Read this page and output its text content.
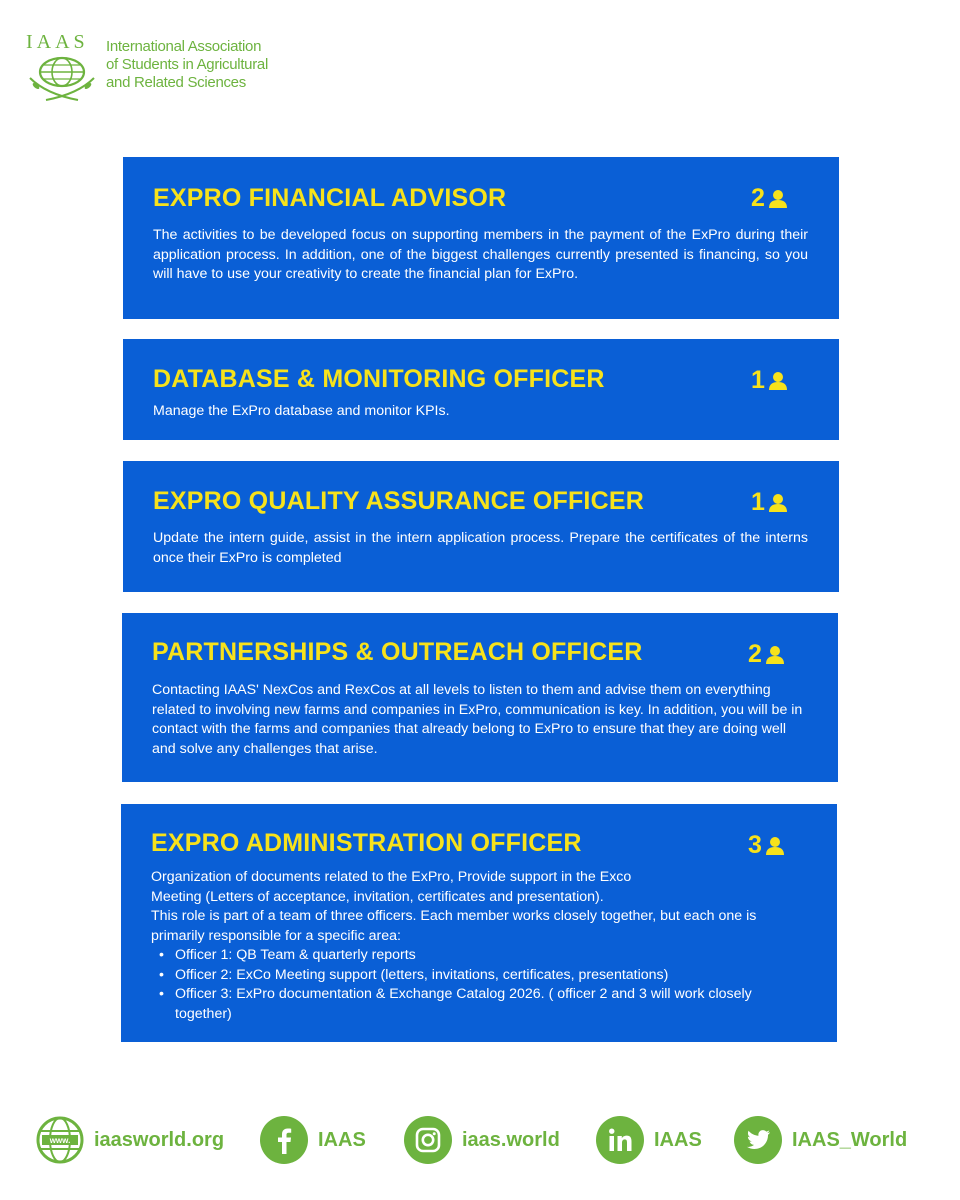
IAAS International Association
of Students in Agricultural
and Related Sciences
EXPRO FINANCIAL ADVISOR	2
The activities to be developed focus on supporting members in the payment of the ExPro during their application process. In addition, one of the biggest challenges currently presented is financing, so you will have to use your creativity to create the financial plan for ExPro.
DATABASE & MONITORING OFFICER	1
Manage the ExPro database and monitor KPIs.
EXPRO QUALITY ASSURANCE OFFICER	1
Update the intern guide, assist in the intern application process. Prepare the certificates of the interns once their ExPro is completed
PARTNERSHIPS & OUTREACH OFFICER	2
Contacting IAAS' NexCos and RexCos at all levels to listen to them and advise them on everything related to involving new farms and companies in ExPro, communication is key. In addition, you will be in contact with the farms and companies that already belong to ExPro to ensure that they are doing well and solve any challenges that arise.
EXPRO ADMINISTRATION OFFICER	3

Organization of documents related to the ExPro, Provide support in the Exco

Meeting (Letters of acceptance, invitation, certificates and presentation).

This role is part of a team of three officers. Each member works closely together, but each one is primarily responsible for a specific area:

• Officer 1: QB Team & quarterly reports
• Officer 2: ExCo Meeting support (letters, invitations, certificates, presentations)
• Officer 3: ExPro documentation & Exchange Catalog 2026. ( officer 2 and 3 will work closely together)
www. iaasworld.org	IAAS	iaas.world	IAAS	IAAS_World
